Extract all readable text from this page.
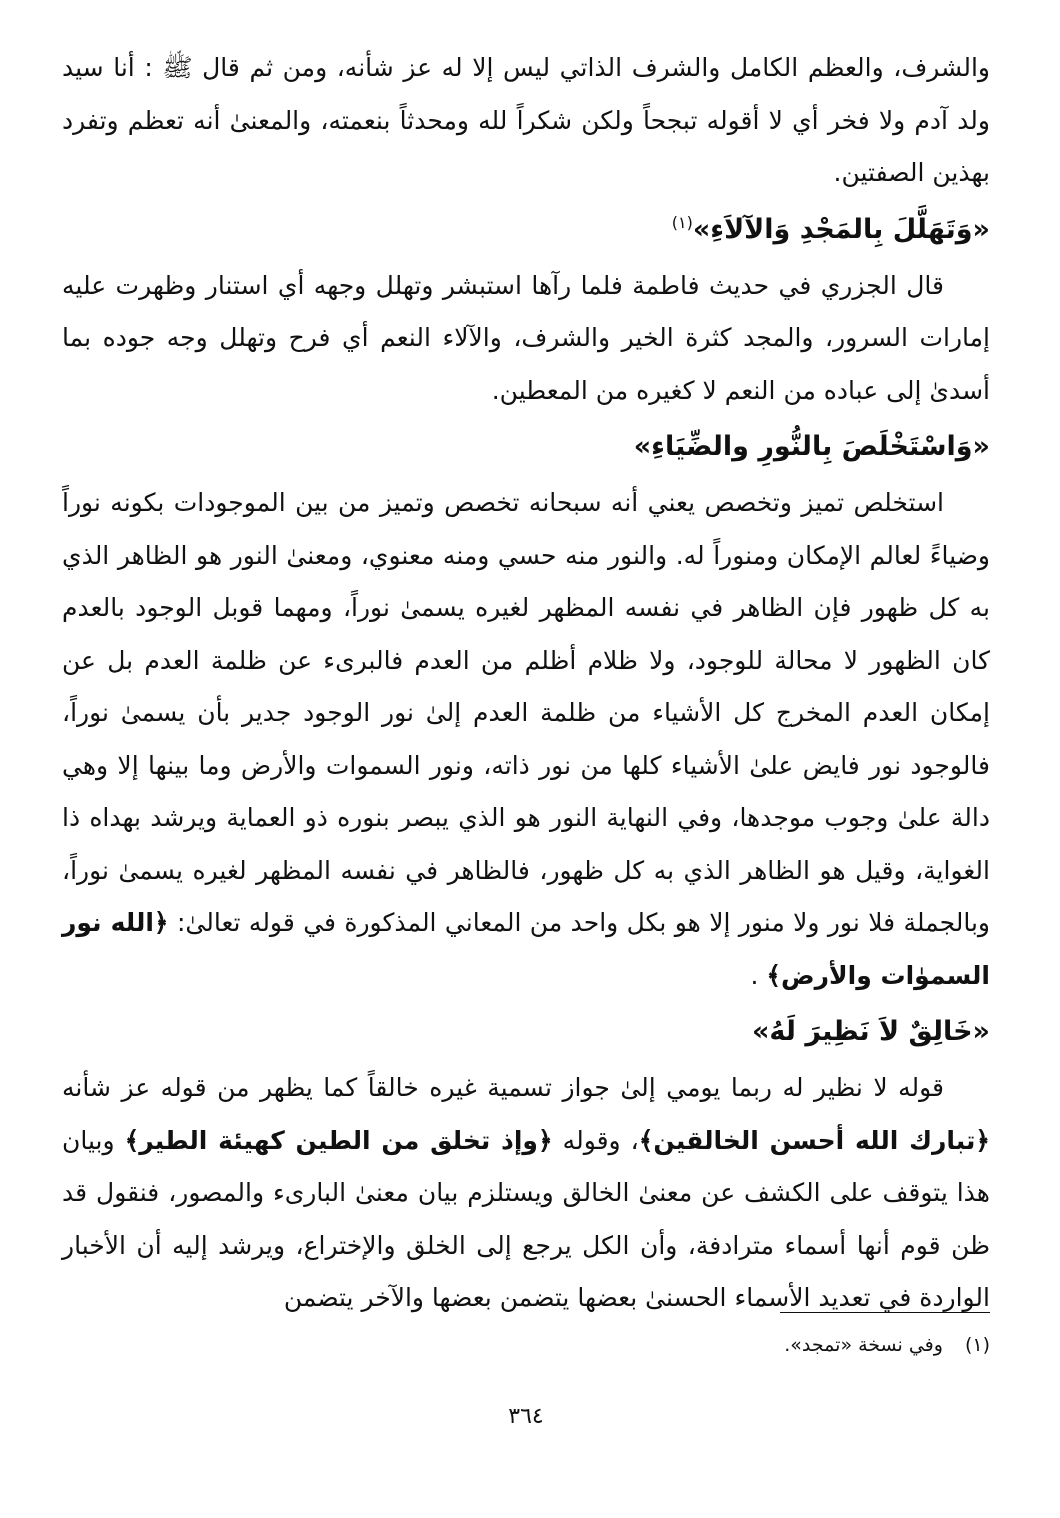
والشرف، والعظم الكامل والشرف الذاتي ليس إلا له عز شأنه، ومن ثم قال ﷺ : أنا سيد ولد آدم ولا فخر أي لا أقوله تبجحاً ولكن شكراً لله ومحدثاً بنعمته، والمعنىٰ أنه تعظم وتفرد بهذين الصفتين.

«وَتَهَلَّلَ بِالمَجْدِ وَالآلاَءِ»$^{(١)}$

قال الجزري في حديث فاطمة فلما رآها استبشر وتهلل وجهه أي استنار وظهرت عليه إمارات السرور، والمجد كثرة الخير والشرف، والآلاء النعم أي فرح وتهلل وجه جوده بما أسدىٰ إلى عباده من النعم لا كغيره من المعطين.

«وَاسْتَخْلَصَ بِالنُّورِ والضِّيَاءِ»

استخلص تميز وتخصص يعني أنه سبحانه تخصص وتميز من بين الموجودات بكونه نوراً وضياءً لعالم الإمكان ومنوراً له. والنور منه حسي ومنه معنوي، ومعنىٰ النور هو الظاهر الذي به كل ظهور فإن الظاهر في نفسه المظهر لغيره يسمىٰ نوراً، ومهما قوبل الوجود بالعدم كان الظهور لا محالة للوجود، ولا ظلام أظلم من العدم فالبرىء عن ظلمة العدم بل عن إمكان العدم المخرج كل الأشياء من ظلمة العدم إلىٰ نور الوجود جدير بأن يسمىٰ نوراً، فالوجود نور فايض علىٰ الأشياء كلها من نور ذاته، ونور السموات والأرض وما بينها إلا وهي دالة علىٰ وجوب موجدها، وفي النهاية النور هو الذي يبصر بنوره ذو العماية ويرشد بهداه ذا الغواية، وقيل هو الظاهر الذي به كل ظهور، فالظاهر في نفسه المظهر لغيره يسمىٰ نوراً، وبالجملة فلا نور ولا منور إلا هو بكل واحد من المعاني المذكورة في قوله تعالىٰ: ﴿الله نور السموٰات والأرض﴾ .

«خَالِقٌ لاَ نَظِيرَ لَهُ»

قوله لا نظير له ربما يومي إلىٰ جواز تسمية غيره خالقاً كما يظهر من قوله عز شأنه ﴿تبارك الله أحسن الخالقين﴾، وقوله ﴿وإذ تخلق من الطين كهيئة الطير﴾ وبيان هذا يتوقف على الكشف عن معنىٰ الخالق ويستلزم بيان معنىٰ البارىء والمصور، فنقول قد ظن قوم أنها أسماء مترادفة، وأن الكل يرجع إلى الخلق والإختراع، ويرشد إليه أن الأخبار الواردة في تعديد الأسماء الحسنىٰ بعضها يتضمن بعضها والآخر يتضمن

(١)وفي نسخة «تمجد».

٣٦٤
